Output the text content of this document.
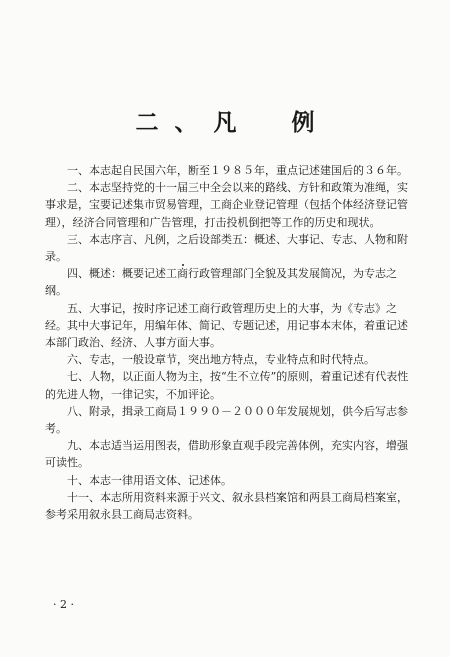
二、凡　例

一、本志起自民国六年，断至１９８５年，重点记述建国后的３６年。

二、本志坚持党的十一届三中全会以来的路线、方针和政策为准绳，实事求是，宝要记述集市贸易管理，工商企业登记管理（包括个体经济登记管理），经济合同管理和广告管理，打击投机倒把等工作的历史和现状。

三、本志序言、凡例，之后设部类五：概述、大事记、专志、人物和附录。

四、概述：概要记述工商行政管理部门全貌及其发展简况，为专志之纲。

五、大事记，按时序记述工商行政管理历史上的大事，为《专志》之经。其中大事记年，用编年体、简记、专题记述，用记事本末体，着重记述本部门政治、经济、人事方面大事。

六、专志，一般设章节，突出地方特点，专业特点和时代特点。

七、人物，以正面人物为主，按“生不立传”的原则，着重记述有代表性的先进人物，一律记实，不加评论。

八、附录，揖录工商局１９９０－２０００年发展规划，供今后写志参考。

九、本志适当运用图表，借助形象直观手段完善体例，充实内容，增强可读性。

十、本志一律用语文体、记述体。

十一、本志所用资料来源于兴文、叙永县档案馆和两县工商局档案室，参考采用叙永县工商局志资料。

· 2 ·
